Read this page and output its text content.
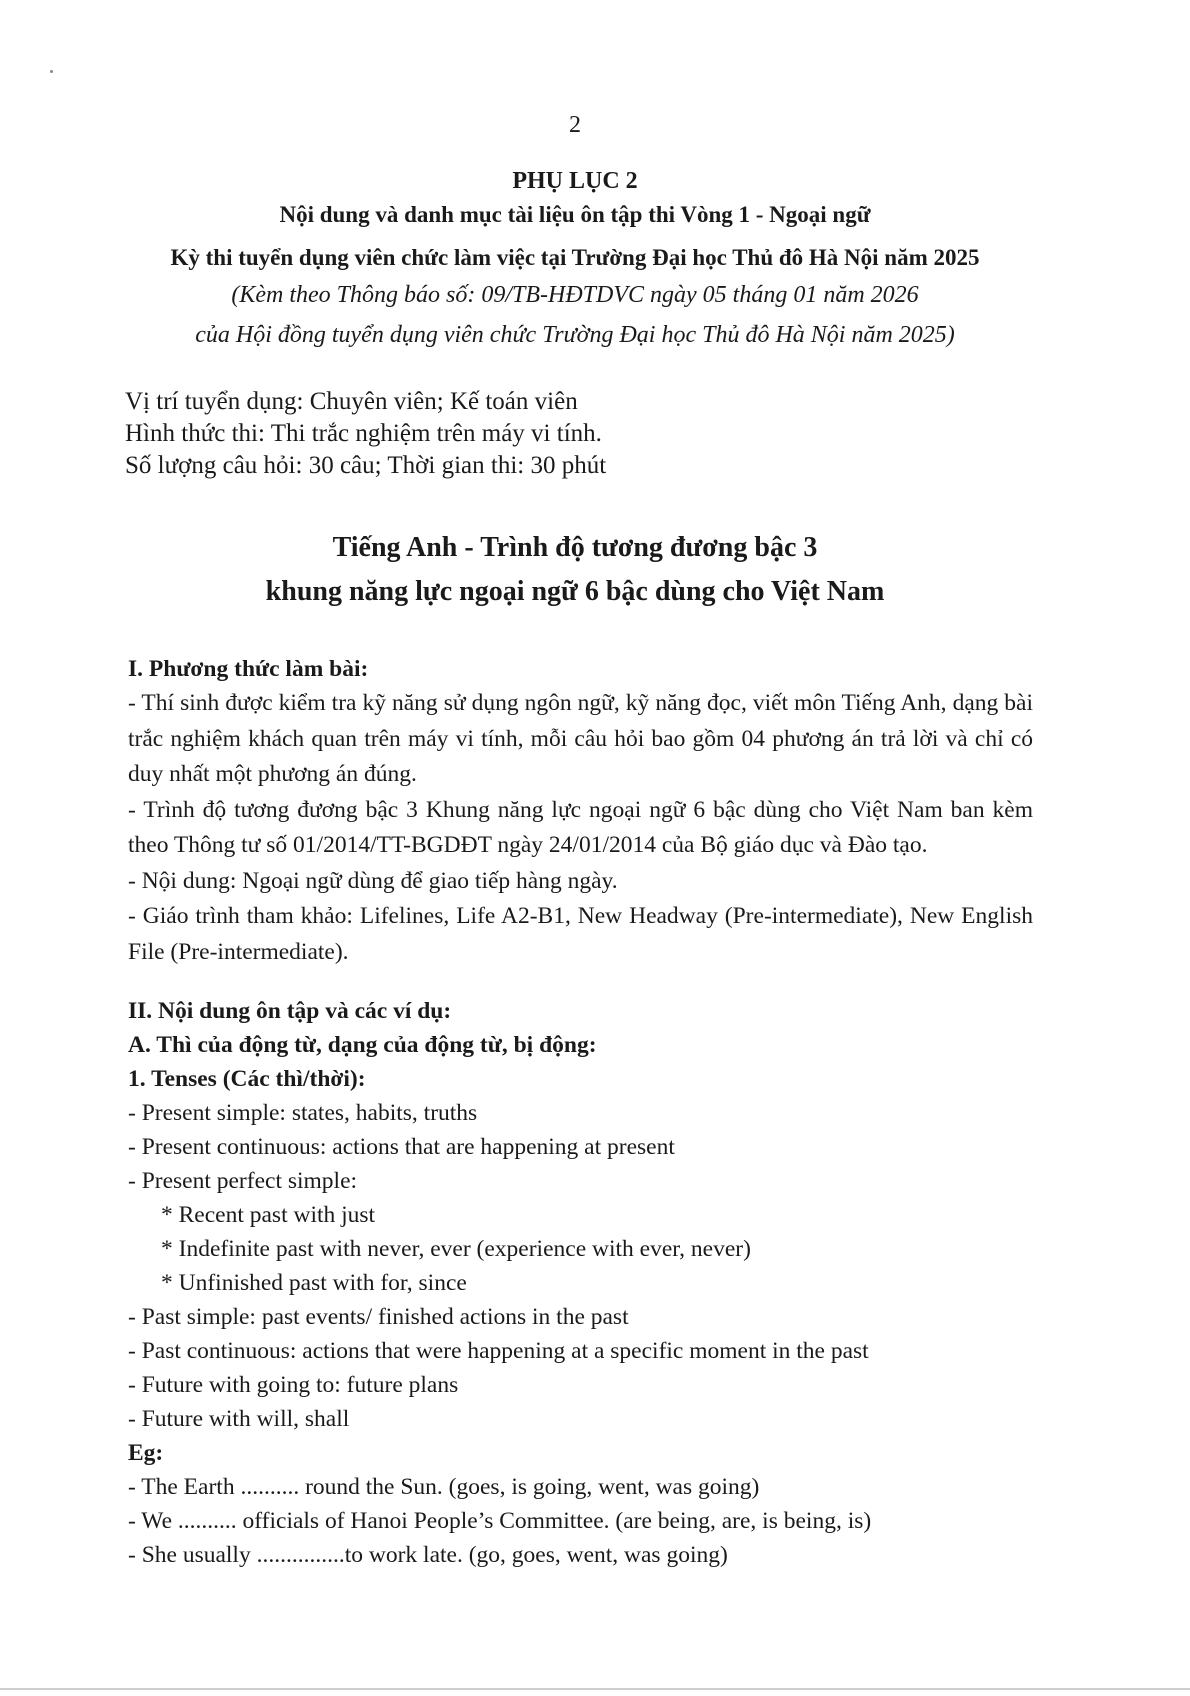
2
PHỤ LỤC 2
Nội dung và danh mục tài liệu ôn tập thi Vòng 1 - Ngoại ngữ
Kỳ thi tuyển dụng viên chức làm việc tại Trường Đại học Thủ đô Hà Nội năm 2025
(Kèm theo Thông báo số: 09/TB-HĐTDVC ngày 05 tháng 01 năm 2026
của Hội đồng tuyển dụng viên chức Trường Đại học Thủ đô Hà Nội năm 2025)
Vị trí tuyển dụng: Chuyên viên; Kế toán viên
Hình thức thi: Thi trắc nghiệm trên máy vi tính.
Số lượng câu hỏi: 30 câu; Thời gian thi: 30 phút
Tiếng Anh - Trình độ tương đương bậc 3
khung năng lực ngoại ngữ 6 bậc dùng cho Việt Nam
I. Phương thức làm bài:
- Thí sinh được kiểm tra kỹ năng sử dụng ngôn ngữ, kỹ năng đọc, viết môn Tiếng Anh, dạng bài trắc nghiệm khách quan trên máy vi tính, mỗi câu hỏi bao gồm 04 phương án trả lời và chỉ có duy nhất một phương án đúng.
- Trình độ tương đương bậc 3 Khung năng lực ngoại ngữ 6 bậc dùng cho Việt Nam ban kèm theo Thông tư số 01/2014/TT-BGDĐT ngày 24/01/2014 của Bộ giáo dục và Đào tạo.
- Nội dung: Ngoại ngữ dùng để giao tiếp hàng ngày.
- Giáo trình tham khảo: Lifelines, Life A2-B1, New Headway (Pre-intermediate), New English File (Pre-intermediate).
II. Nội dung ôn tập và các ví dụ:
A. Thì của động từ, dạng của động từ, bị động:
1. Tenses (Các thì/thời):
- Present simple: states, habits, truths
- Present continuous: actions that are happening at present
- Present perfect simple:
* Recent past with just
* Indefinite past with never, ever (experience with ever, never)
* Unfinished past with for, since
- Past simple: past events/ finished actions in the past
- Past continuous: actions that were happening at a specific moment in the past
- Future with going to: future plans
- Future with will, shall
Eg:
- The Earth .......... round the Sun. (goes, is going, went, was going)
- We .......... officials of Hanoi People’s Committee. (are being, are, is being, is)
- She usually ...............to work late. (go, goes, went, was going)
